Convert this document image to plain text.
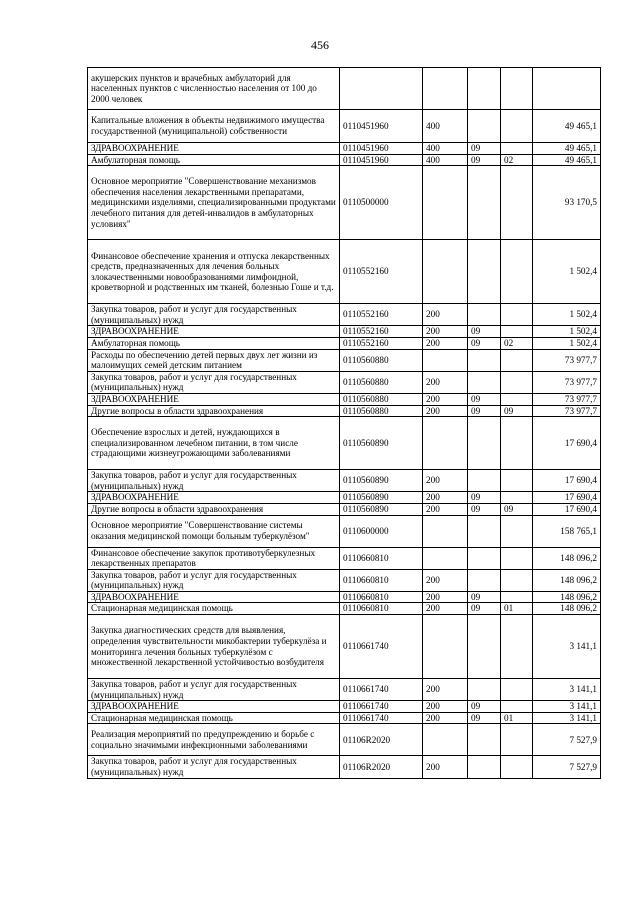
456
акушерских пунктов и врачебных амбулаторий для населенных пунктов с численностью населения от 100 до 2000 человек					
Капитальные вложения в объекты недвижимого имущества государственной (муниципальной) собственности	0110451960	400			49 465,1
ЗДРАВООХРАНЕНИЕ	0110451960	400	09		49 465,1
Амбулаторная помощь	0110451960	400	09	02	49 465,1
Основное мероприятие "Совершенствование механизмов обеспечения населения лекарственными препаратами, медицинскими изделиями, специализированными продуктами лечебного питания для детей-инвалидов в амбулаторных условиях"	0110500000				93 170,5
Финансовое обеспечение хранения и отпуска лекарственных средств, предназначенных для лечения больных злокачественными новообразованиями лимфоидной, кроветворной и родственных им тканей, болезнью Гоше и т.д.	0110552160				1 502,4
Закупка товаров, работ и услуг для государственных (муниципальных) нужд	0110552160	200			1 502,4
ЗДРАВООХРАНЕНИЕ	0110552160	200	09		1 502,4
Амбулаторная помощь	0110552160	200	09	02	1 502,4
Расходы по обеспечению детей первых двух лет жизни из малоимущих семей детским питанием	0110560880				73 977,7
Закупка товаров, работ и услуг для государственных (муниципальных) нужд	0110560880	200			73 977,7
ЗДРАВООХРАНЕНИЕ	0110560880	200	09		73 977,7
Другие вопросы в области здравоохранения	0110560880	200	09	09	73 977,7
Обеспечение взрослых и детей, нуждающихся в специализированном лечебном питании, в том числе страдающими жизнеугрожающими заболеваниями	0110560890				17 690,4
Закупка товаров, работ и услуг для государственных (муниципальных) нужд	0110560890	200			17 690,4
ЗДРАВООХРАНЕНИЕ	0110560890	200	09		17 690,4
Другие вопросы в области здравоохранения	0110560890	200	09	09	17 690,4
Основное мероприятие "Совершенствование системы оказания медицинской помощи больным туберкулёзом"	0110600000				158 765,1
Финансовое обеспечение закупок противотуберкулезных лекарственных препаратов	0110660810				148 096,2
Закупка товаров, работ и услуг для государственных (муниципальных) нужд	0110660810	200			148 096,2
ЗДРАВООХРАНЕНИЕ	0110660810	200	09		148 096,2
Стационарная медицинская помощь	0110660810	200	09	01	148 096,2
Закупка диагностических средств для выявления, определения чувствительности микобактерии туберкулёза и мониторинга лечения больных туберкулёзом с множественной лекарственной устойчивостью возбудителя	0110661740				3 141,1
Закупка товаров, работ и услуг для государственных (муниципальных) нужд	0110661740	200			3 141,1
ЗДРАВООХРАНЕНИЕ	0110661740	200	09		3 141,1
Стационарная медицинская помощь	0110661740	200	09	01	3 141,1
Реализация мероприятий по предупреждению и борьбе с социально значимыми инфекционными заболеваниями	01106R2020				7 527,9
Закупка товаров, работ и услуг для государственных (муниципальных) нужд	01106R2020	200			7 527,9
